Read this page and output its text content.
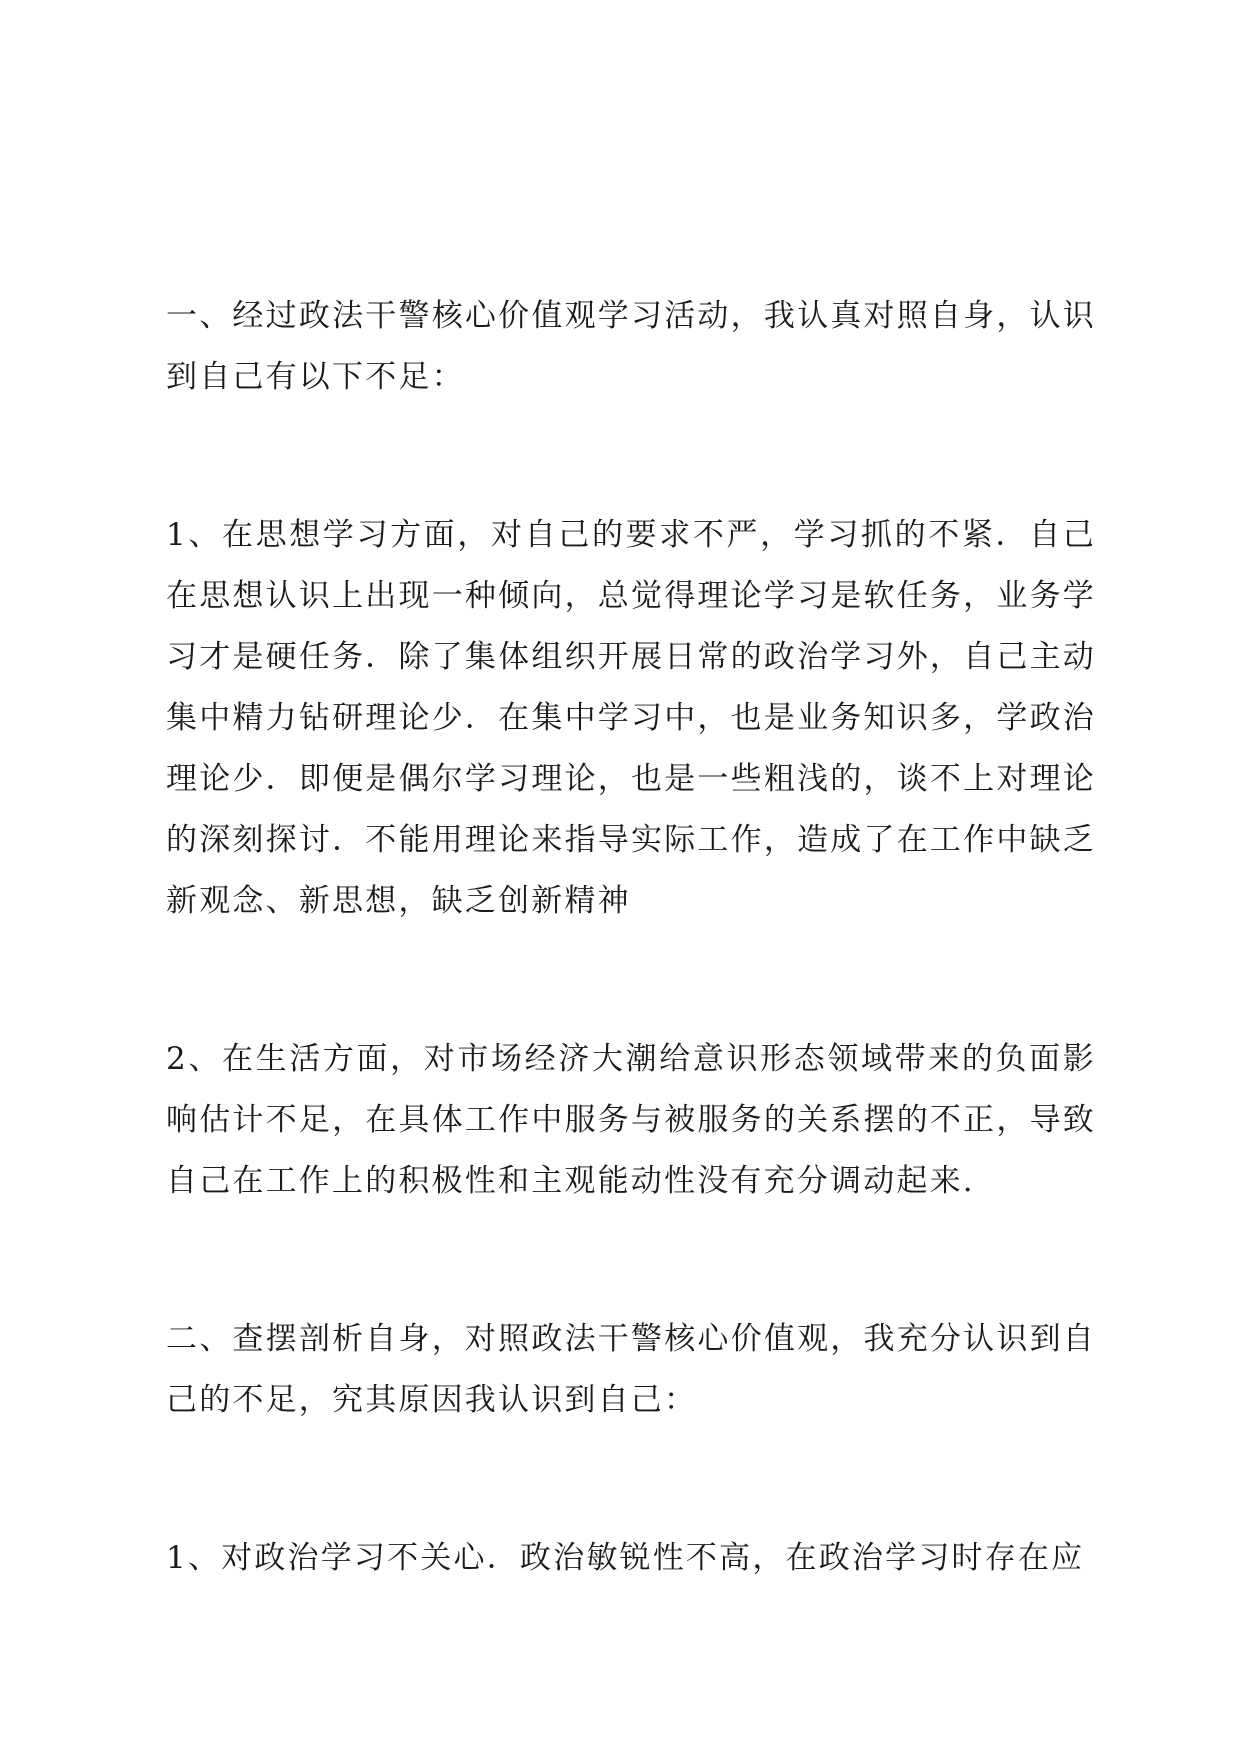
一、经过政法干警核心价值观学习活动，我认真对照自身，认识到自己有以下不足：

1、在思想学习方面，对自己的要求不严，学习抓的不紧．自己在思想认识上出现一种倾向，总觉得理论学习是软任务，业务学习才是硬任务．除了集体组织开展日常的政治学习外，自己主动集中精力钻研理论少．在集中学习中，也是业务知识多，学政治理论少．即便是偶尔学习理论，也是一些粗浅的，谈不上对理论的深刻探讨．不能用理论来指导实际工作，造成了在工作中缺乏新观念、新思想，缺乏创新精神

2、在生活方面，对市场经济大潮给意识形态领域带来的负面影响估计不足，在具体工作中服务与被服务的关系摆的不正，导致自己在工作上的积极性和主观能动性没有充分调动起来.

二、查摆剖析自身，对照政法干警核心价值观，我充分认识到自己的不足，究其原因我认识到自己：

1、对政治学习不关心．政治敏锐性不高，在政治学习时存在应
